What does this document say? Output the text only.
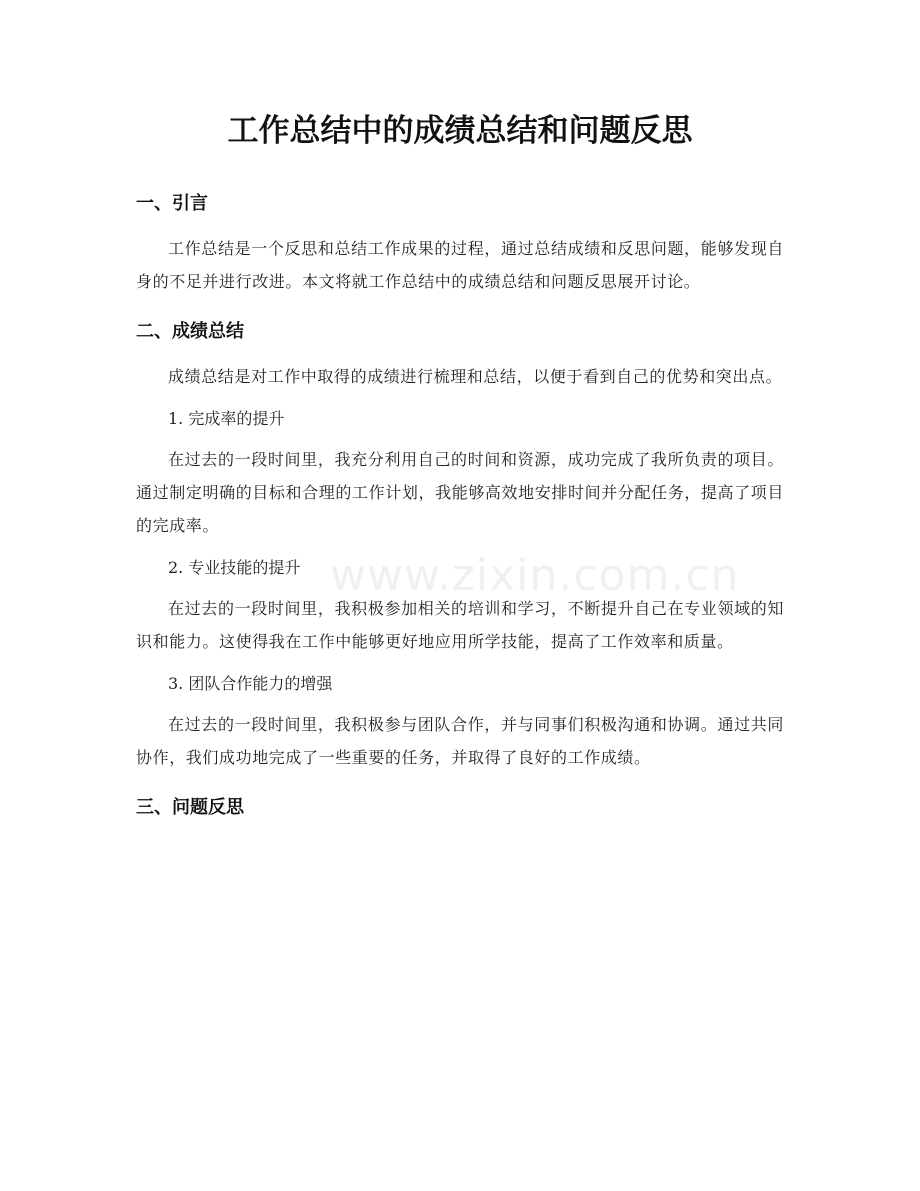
工作总结中的成绩总结和问题反思
一、引言

工作总结是一个反思和总结工作成果的过程，通过总结成绩和反思问题，能够发现自身的不足并进行改进。本文将就工作总结中的成绩总结和问题反思展开讨论。

二、成绩总结

成绩总结是对工作中取得的成绩进行梳理和总结，以便于看到自己的优势和突出点。

1. 完成率的提升

在过去的一段时间里，我充分利用自己的时间和资源，成功完成了我所负责的项目。通过制定明确的目标和合理的工作计划，我能够高效地安排时间并分配任务，提高了项目的完成率。

2. 专业技能的提升

在过去的一段时间里，我积极参加相关的培训和学习，不断提升自己在专业领域的知识和能力。这使得我在工作中能够更好地应用所学技能，提高了工作效率和质量。

3. 团队合作能力的增强

在过去的一段时间里，我积极参与团队合作，并与同事们积极沟通和协调。通过共同协作，我们成功地完成了一些重要的任务，并取得了良好的工作成绩。

三、问题反思
www.zixin.com.cn
